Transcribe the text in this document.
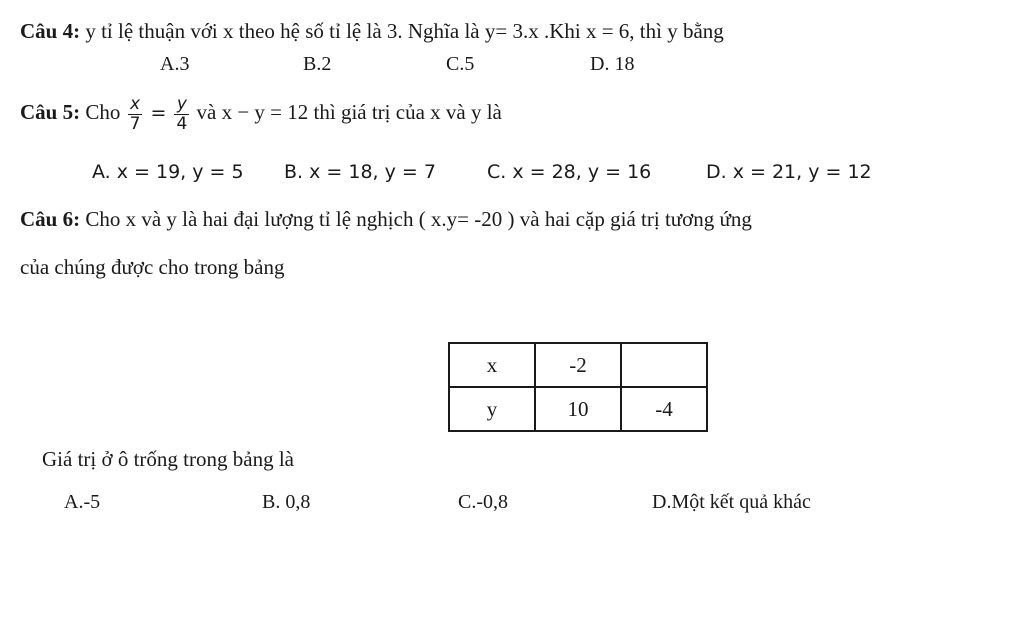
Câu 4: y tỉ lệ thuận với x theo hệ số tỉ lệ là 3. Nghĩa là y= 3.x .Khi x = 6, thì y bằng
A.3	B.2	C.5	D. 18
Câu 5: Cho $\frac{x}{7} = \frac{y}{4}$ và x − y = 12 thì giá trị của x và y là
A. x = 19, y = 5 B. x = 18, y = 7	C. x = 28, y = 16	D. x = 21, y = 12
Câu 6: Cho x và y là hai đại lượng tỉ lệ nghịch ( x.y= -20 ) và hai cặp giá trị tương ứng
của chúng được cho trong bảng
x	-2	
y	10	-4
Giá trị ở ô trống trong bảng là
A.-5	B. 0,8	C.-0,8	D.Một kết quả khác
